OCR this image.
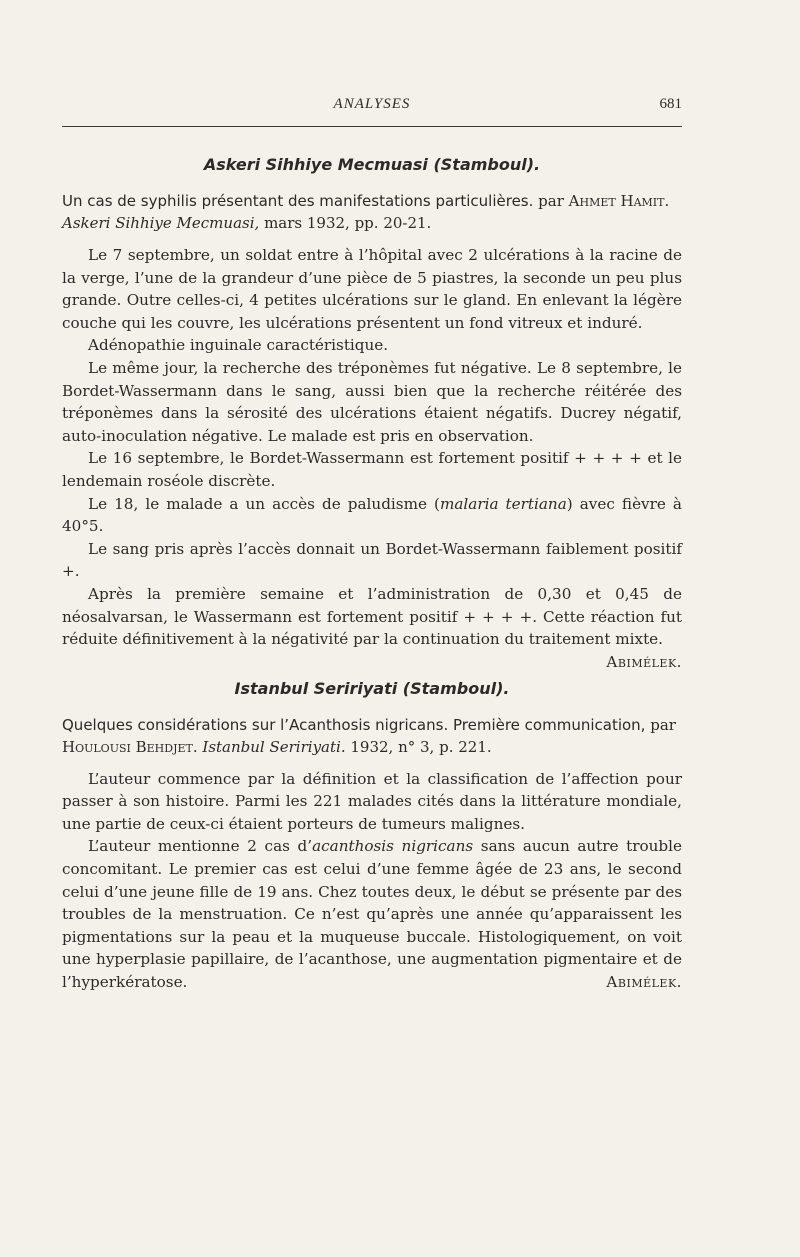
ANALYSES	681
Askeri Sihhiye Mecmuasi (Stamboul).
Un cas de syphilis présentant des manifestations particulières. par Ahmet Hamit. Askeri Sihhiye Mecmuasi, mars 1932, pp. 20-21.

Le 7 septembre, un soldat entre à l’hôpital avec 2 ulcérations à la racine de la verge, l’une de la grandeur d’une pièce de 5 piastres, la seconde un peu plus grande. Outre celles-ci, 4 petites ulcérations sur le gland. En enlevant la légère couche qui les couvre, les ulcérations présentent un fond vitreux et induré.

Adénopathie inguinale caractéristique.

Le même jour, la recherche des tréponèmes fut négative. Le 8 septembre, le Bordet-Wassermann dans le sang, aussi bien que la recherche réitérée des tréponèmes dans la sérosité des ulcérations étaient négatifs. Ducrey négatif, auto-inoculation négative. Le malade est pris en observation.

Le 16 septembre, le Bordet-Wassermann est fortement positif + + + + et le lendemain roséole discrète.

Le 18, le malade a un accès de paludisme (malaria tertiana) avec fièvre à 40°5.

Le sang pris après l’accès donnait un Bordet-Wassermann faiblement positif +.

Après la première semaine et l’administration de 0,30 et 0,45 de néosalvarsan, le Wassermann est fortement positif + + + +. Cette réaction fut réduite définitivement à la négativité par la continuation du traitement mixte.
Abimélek.

Istanbul Seririyati (Stamboul).
Quelques considérations sur l’Acanthosis nigricans. Première communication, par Houlousi Behdjet. Istanbul Seririyati. 1932, n° 3, p. 221.

L’auteur commence par la définition et la classification de l’affection pour passer à son histoire. Parmi les 221 malades cités dans la littérature mondiale, une partie de ceux-ci étaient porteurs de tumeurs malignes.

L’auteur mentionne 2 cas d’acanthosis nigricans sans aucun autre trouble concomitant. Le premier cas est celui d’une femme âgée de 23 ans, le second celui d’une jeune fille de 19 ans. Chez toutes deux, le début se présente par des troubles de la menstruation. Ce n’est qu’après une année qu’apparaissent les pigmentations sur la peau et la muqueuse buccale. Histologiquement, on voit une hyperplasie papillaire, de l’acanthose, une augmentation pigmentaire et de l’hyperkératose.	Abimélek.
